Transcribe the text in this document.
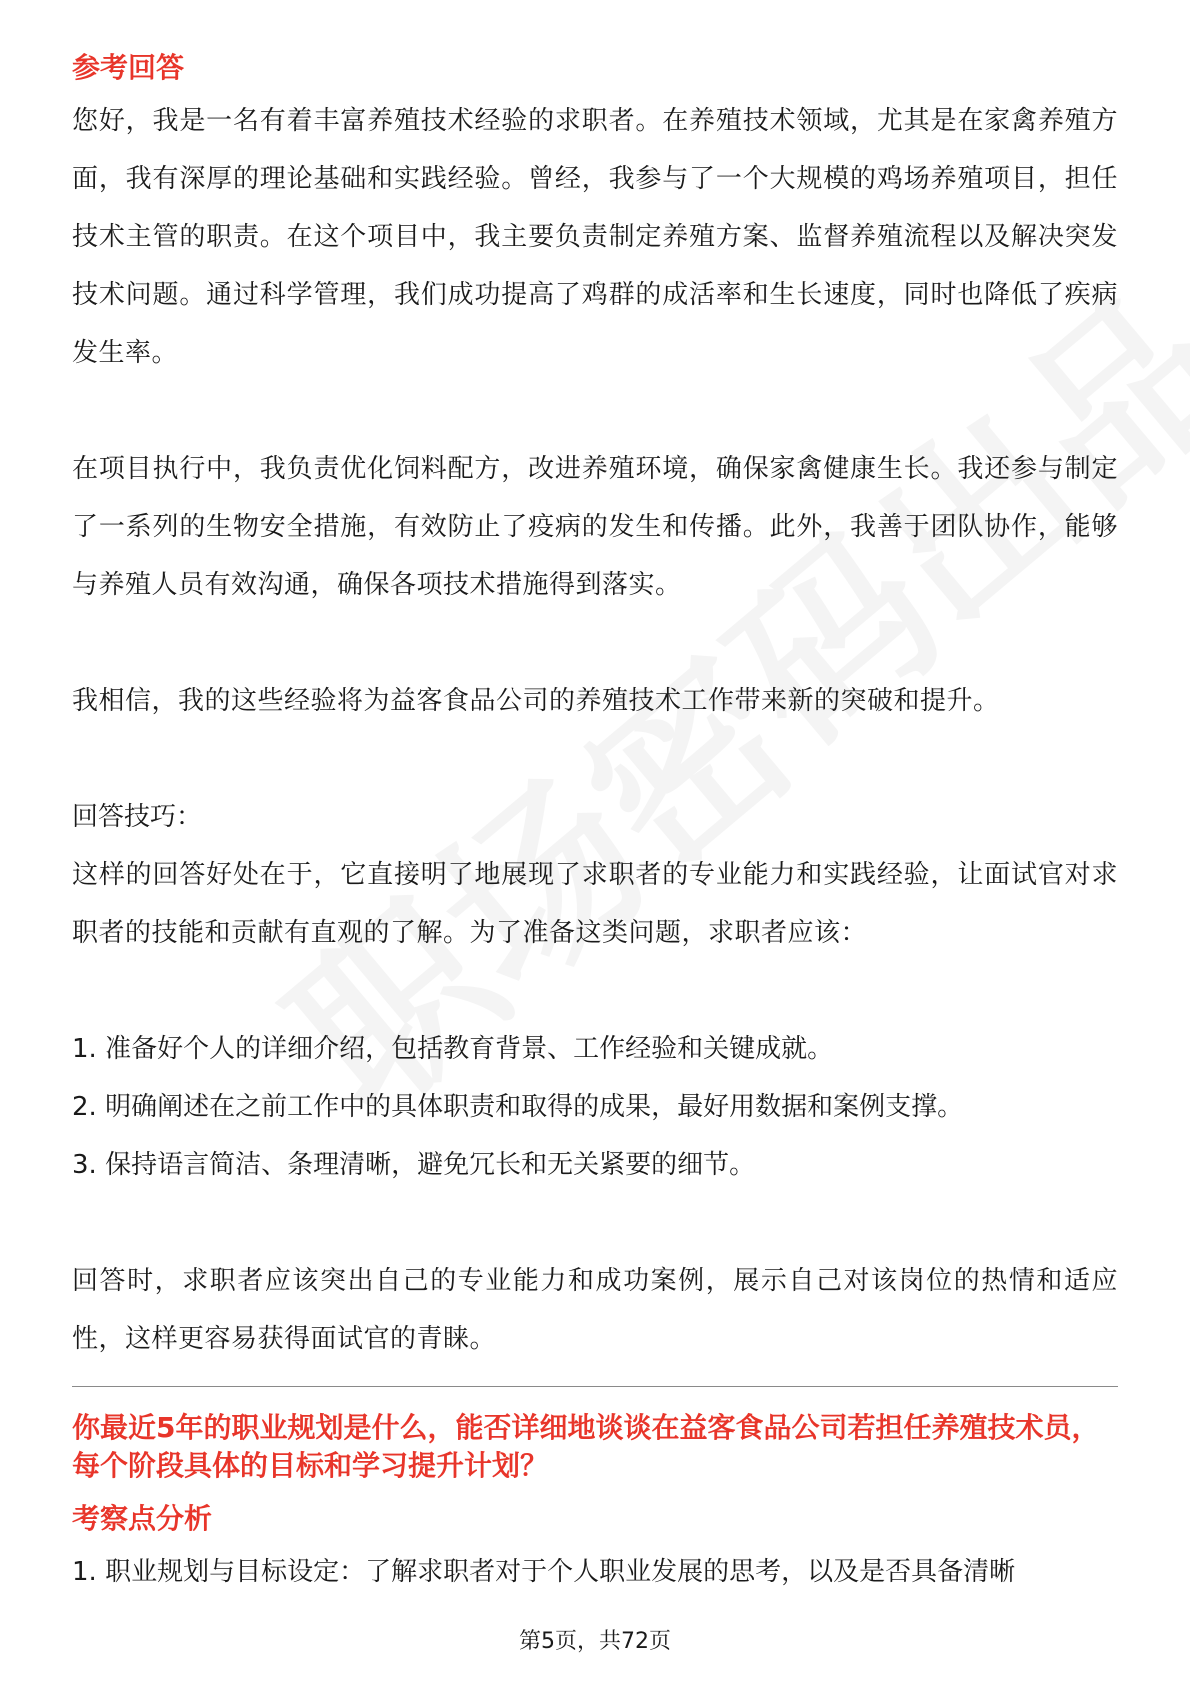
参考回答

您好，我是一名有着丰富养殖技术经验的求职者。在养殖技术领域，尤其是在家禽养殖方面，我有深厚的理论基础和实践经验。曾经，我参与了一个大规模的鸡场养殖项目，担任技术主管的职责。在这个项目中，我主要负责制定养殖方案、监督养殖流程以及解决突发技术问题。通过科学管理，我们成功提高了鸡群的成活率和生长速度，同时也降低了疾病发生率。

在项目执行中，我负责优化饲料配方，改进养殖环境，确保家禽健康生长。我还参与制定了一系列的生物安全措施，有效防止了疫病的发生和传播。此外，我善于团队协作，能够与养殖人员有效沟通，确保各项技术措施得到落实。

我相信，我的这些经验将为益客食品公司的养殖技术工作带来新的突破和提升。

回答技巧：

这样的回答好处在于，它直接明了地展现了求职者的专业能力和实践经验，让面试官对求职者的技能和贡献有直观的了解。为了准备这类问题，求职者应该：

1. 准备好个人的详细介绍，包括教育背景、工作经验和关键成就。

2. 明确阐述在之前工作中的具体职责和取得的成果，最好用数据和案例支撑。

3. 保持语言简洁、条理清晰，避免冗长和无关紧要的细节。

回答时，求职者应该突出自己的专业能力和成功案例，展示自己对该岗位的热情和适应性，这样更容易获得面试官的青睐。

你最近5年的职业规划是什么，能否详细地谈谈在益客食品公司若担任养殖技术员，每个阶段具体的目标和学习提升计划？
考察点分析

1. 职业规划与目标设定：了解求职者对于个人职业发展的思考，以及是否具备清晰

第5页，共72页
